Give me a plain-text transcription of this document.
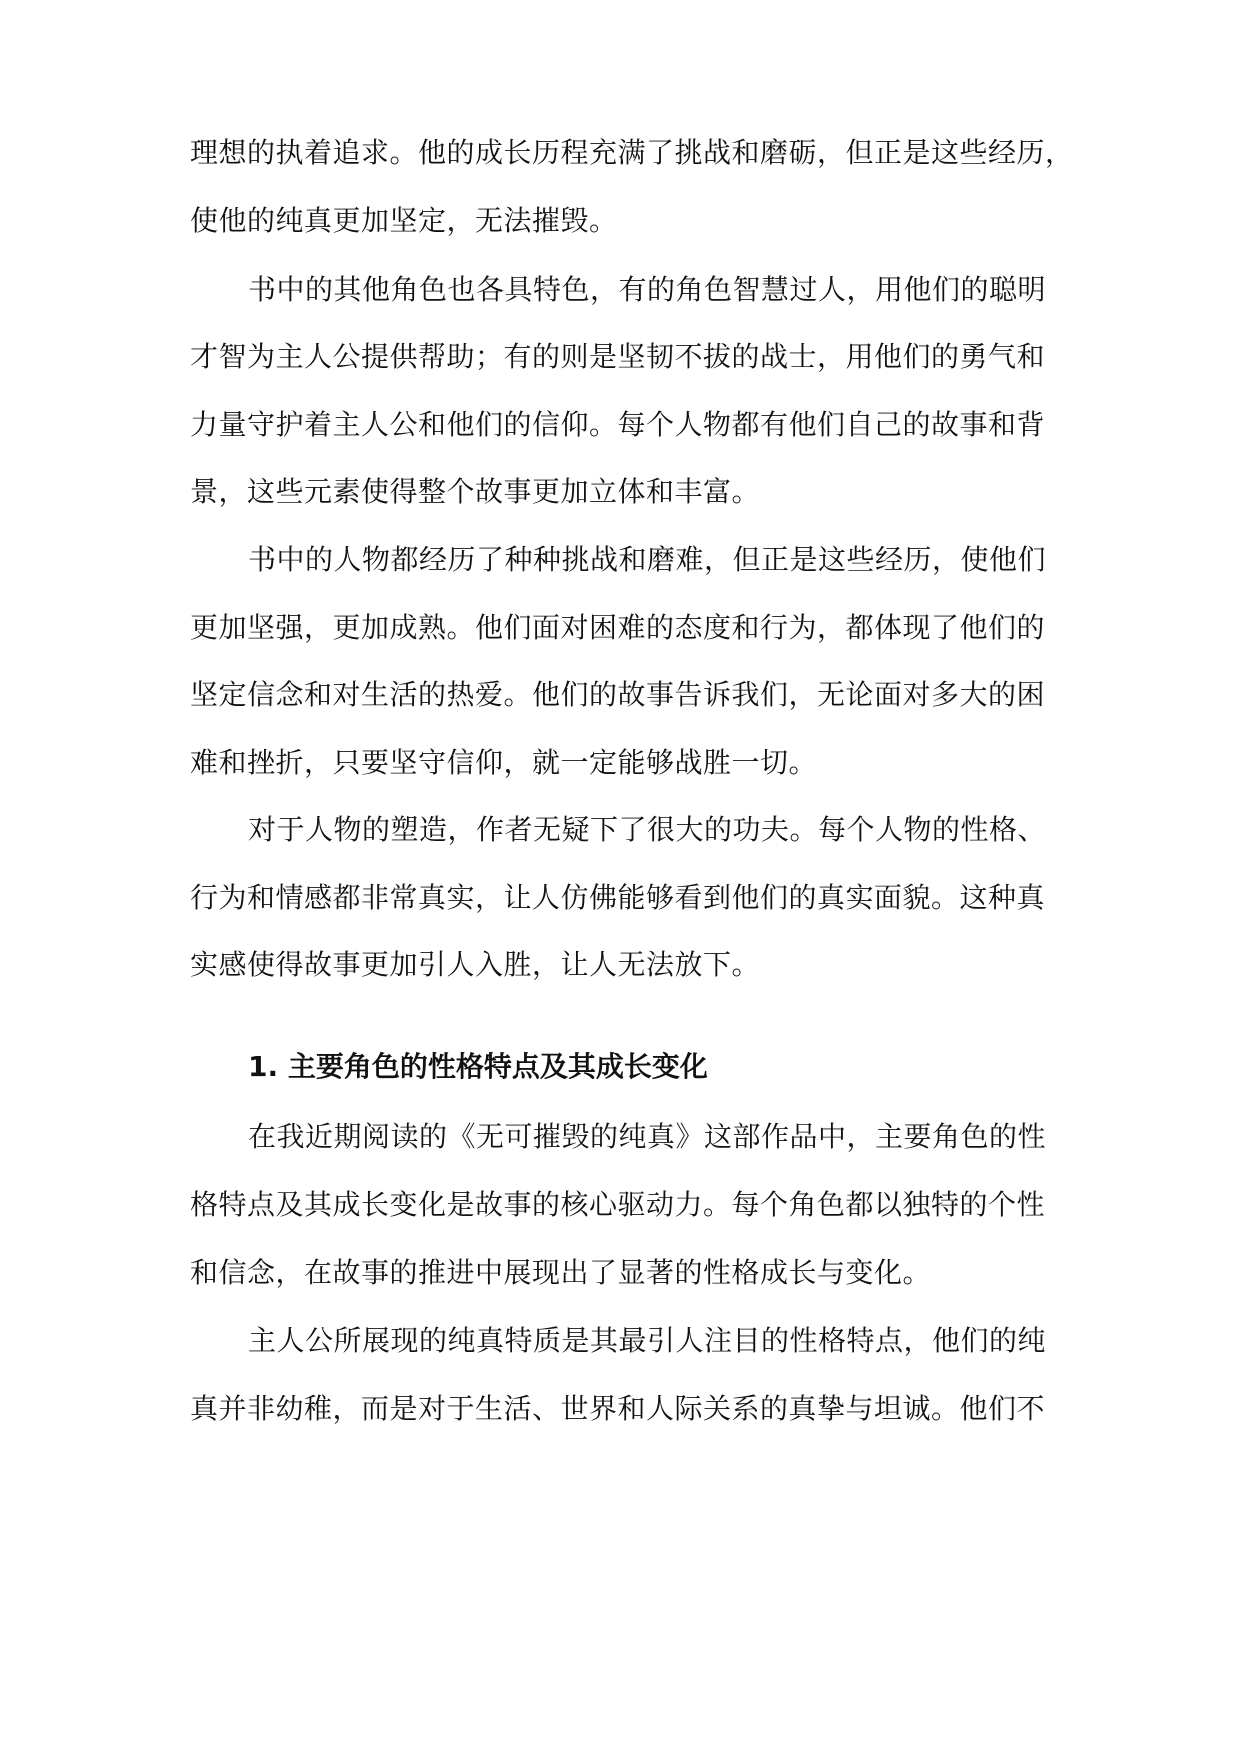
理想的执着追求。他的成长历程充满了挑战和磨砺，但正是这些经历，
使他的纯真更加坚定，无法摧毁。
书中的其他角色也各具特色，有的角色智慧过人，用他们的聪明
才智为主人公提供帮助；有的则是坚韧不拔的战士，用他们的勇气和
力量守护着主人公和他们的信仰。每个人物都有他们自己的故事和背
景，这些元素使得整个故事更加立体和丰富。
书中的人物都经历了种种挑战和磨难，但正是这些经历，使他们
更加坚强，更加成熟。他们面对困难的态度和行为，都体现了他们的
坚定信念和对生活的热爱。他们的故事告诉我们，无论面对多大的困
难和挫折，只要坚守信仰，就一定能够战胜一切。
对于人物的塑造，作者无疑下了很大的功夫。每个人物的性格、
行为和情感都非常真实，让人仿佛能够看到他们的真实面貌。这种真
实感使得故事更加引人入胜，让人无法放下。
1. 主要角色的性格特点及其成长变化
在我近期阅读的《无可摧毁的纯真》这部作品中，主要角色的性
格特点及其成长变化是故事的核心驱动力。每个角色都以独特的个性
和信念，在故事的推进中展现出了显著的性格成长与变化。
主人公所展现的纯真特质是其最引人注目的性格特点，他们的纯
真并非幼稚，而是对于生活、世界和人际关系的真挚与坦诚。他们不
